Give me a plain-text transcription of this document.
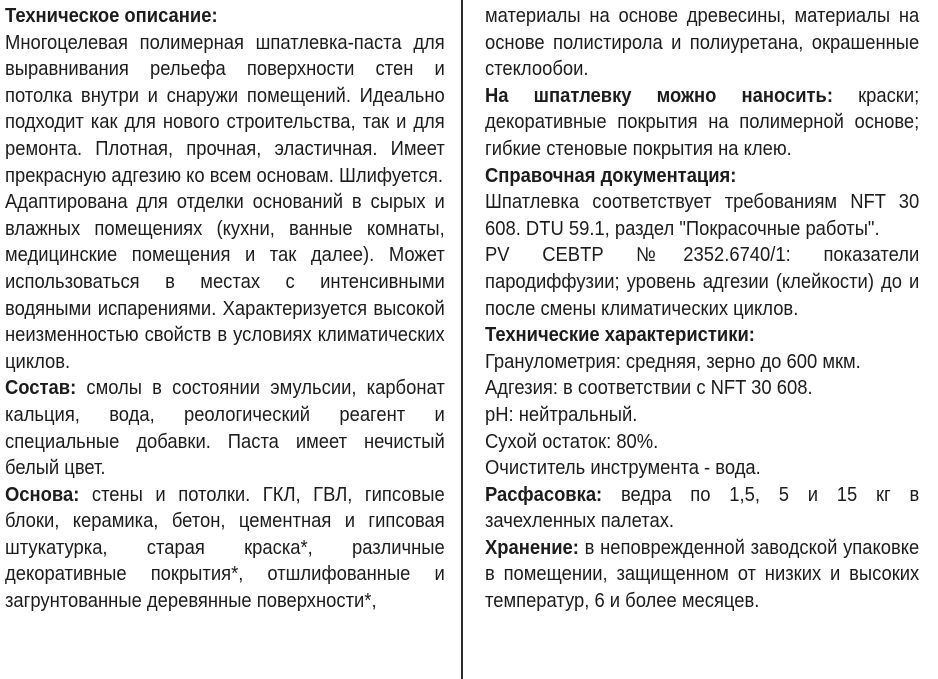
Техническое описание:
Многоцелевая полимерная шпатлевка-паста для выравнивания рельефа поверхности стен и потолка внутри и снаружи помещений. Идеально подходит как для нового строительства, так и для ремонта. Плотная, прочная, эластичная. Имеет прекрасную адгезию ко всем основам. Шлифуется.

Адаптирована для отделки оснований в сырых и влажных помещениях (кухни, ванные комнаты, медицинские помещения и так далее). Может использоваться в местах с интенсивными водяными испарениями. Характеризуется высокой неизменностью свойств в условиях климатических циклов.

Состав: смолы в состоянии эмульсии, карбонат кальция, вода, реологический реагент и специальные добавки. Паста имеет нечистый белый цвет.

Основа: стены и потолки. ГКЛ, ГВЛ, гипсовые блоки, керамика, бетон, цементная и гипсовая штукатурка, старая краска*, различные декоративные покрытия*, отшлифованные и загрунтованные деревянные поверхности*,

материалы на основе древесины, материалы на основе полистирола и полиуретана, окрашенные стеклообои.

На шпатлевку можно наносить: краски; декоративные покрытия на полимерной основе; гибкие стеновые покрытия на клею.

Справочная документация:
Шпатлевка соответствует требованиям NFT 30 608. DTU 59.1, раздел "Покрасочные работы".

PV CEBTP №2352.6740/1: показатели пародиффузии; уровень адгезии (клейкости) до и после смены климатических циклов.

Технические характеристики:
Гранулометрия: средняя, зерно до 600 мкм.

Адгезия: в соответствии с NFT 30 608.

pH: нейтральный.

Сухой остаток: 80%.

Очиститель инструмента - вода.

Расфасовка: ведра по 1,5, 5 и 15 кг в зачехленных палетах.

Хранение: в неповрежденной заводской упаковке в помещении, защищенном от низких и высоких температур, 6 и более месяцев.
